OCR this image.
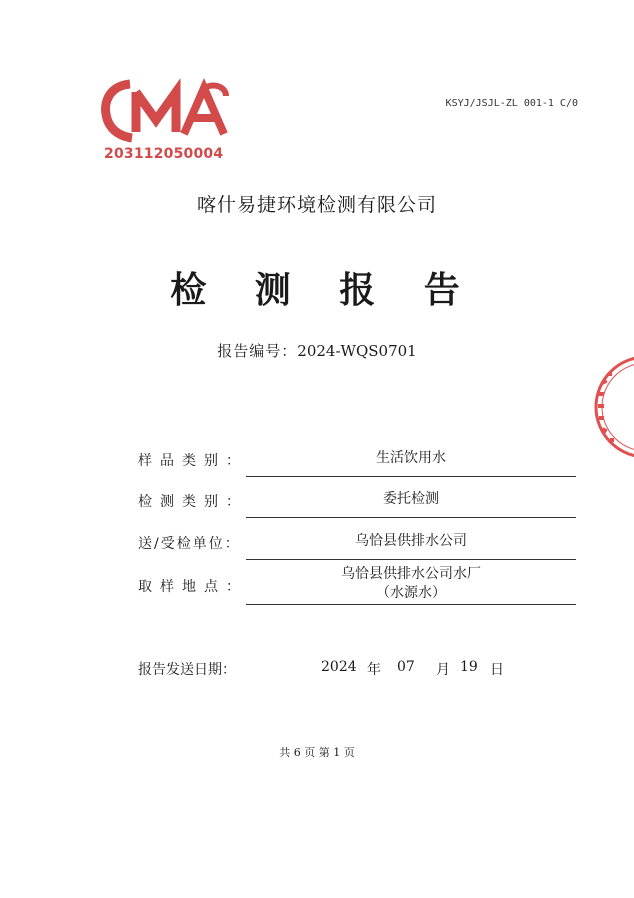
203112050004
KSYJ/JSJL-ZL 001-1 C/0
喀什易捷环境检测有限公司
检 测 报 告
报告编号：2024-WQS0701
样品类别：	生活饮用水
检测类别：	委托检测
送/受检单位：	乌恰县供排水公司
取样地点：
乌恰县供排水公司水厂
（水源水）
报告发送日期：	2024 年 07 月 19 日
共 6 页 第 1 页
